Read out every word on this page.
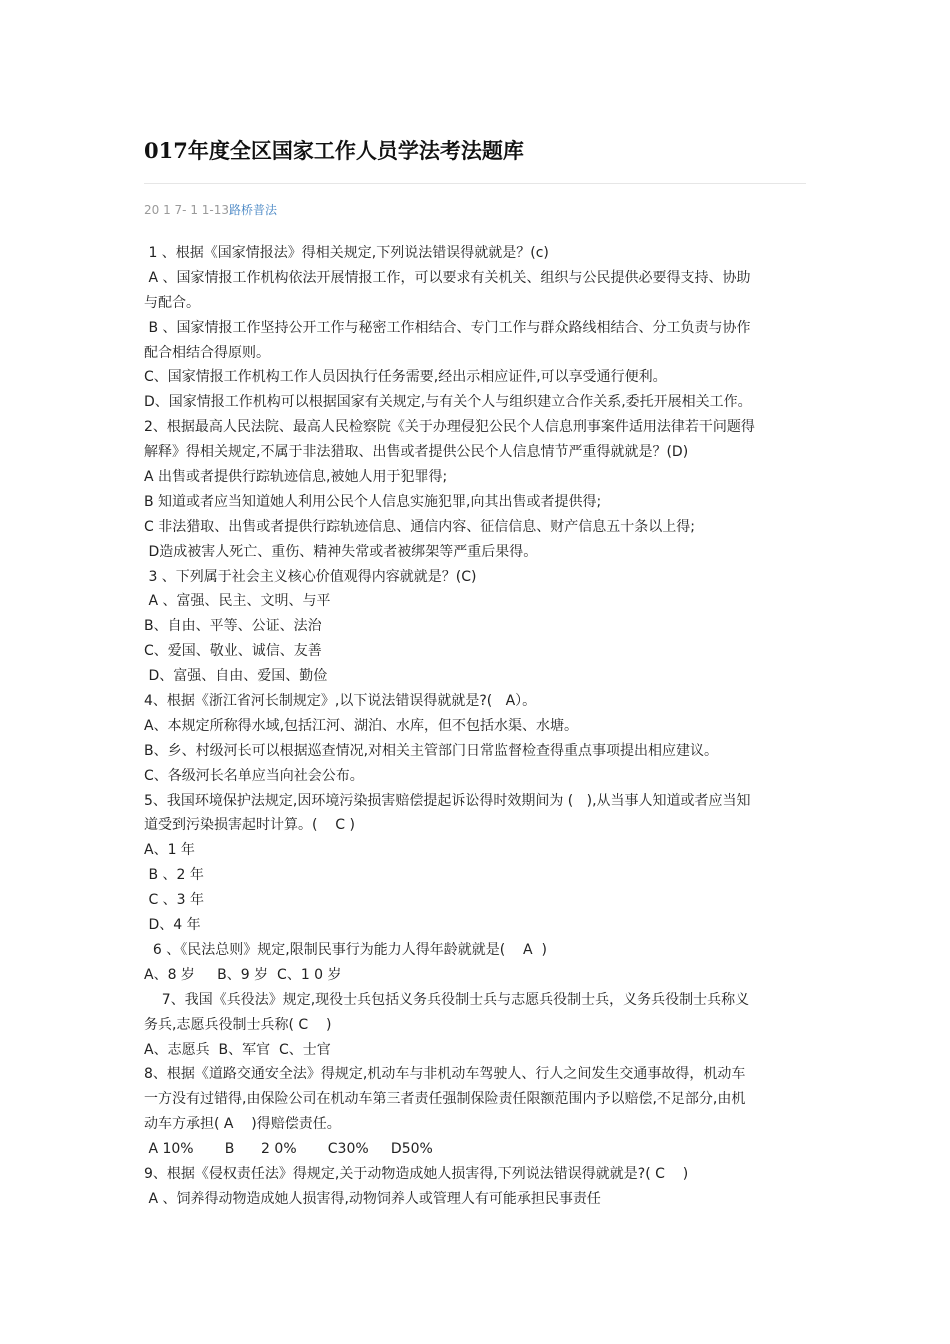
017年度全区国家工作人员学法考法题库
20 1 7- 1 1-13路桥普法
1 、根据《国家情报法》得相关规定,下列说法错误得就就是？(c)
A 、国家情报工作机构依法开展情报工作，可以要求有关机关、组织与公民提供必要得支持、协助
与配合。
B 、国家情报工作坚持公开工作与秘密工作相结合、专门工作与群众路线相结合、分工负责与协作
配合相结合得原则。
C、国家情报工作机构工作人员因执行任务需要,经出示相应证件,可以享受通行便利。
D、国家情报工作机构可以根据国家有关规定,与有关个人与组织建立合作关系,委托开展相关工作。
2、根据最高人民法院、最高人民检察院《关于办理侵犯公民个人信息刑事案件适用法律若干问题得
解释》得相关规定,不属于非法猎取、出售或者提供公民个人信息情节严重得就就是？(D)
A 出售或者提供行踪轨迹信息,被她人用于犯罪得;
B 知道或者应当知道她人利用公民个人信息实施犯罪,向其出售或者提供得;
C 非法猎取、出售或者提供行踪轨迹信息、通信内容、征信信息、财产信息五十条以上得;
D造成被害人死亡、重伤、精神失常或者被绑架等严重后果得。
3 、下列属于社会主义核心价值观得内容就就是？(C)
A 、富强、民主、文明、与平
B、自由、平等、公证、法治
C、爱国、敬业、诚信、友善
D、富强、自由、爱国、勤俭
4、根据《浙江省河长制规定》,以下说法错误得就就是?(   A）。
A、本规定所称得水域,包括江河、湖泊、水库，但不包括水渠、水塘。
B、乡、村级河长可以根据巡查情况,对相关主管部门日常监督检查得重点事项提出相应建议。
C、各级河长名单应当向社会公布。
5、我国环境保护法规定,因环境污染损害赔偿提起诉讼得时效期间为 (   ),从当事人知道或者应当知
道受到污染损害起时计算。(    C )
A、1 年
B 、2 年
C 、3 年
D、4 年
6 、《民法总则》规定,限制民事行为能力人得年龄就就是(    A  )
A、8 岁     B、9 岁  C、1 0 岁
7、我国《兵役法》规定,现役士兵包括义务兵役制士兵与志愿兵役制士兵，义务兵役制士兵称义
务兵,志愿兵役制士兵称( C    )
A、志愿兵  B、军官  C、士官
8、根据《道路交通安全法》得规定,机动车与非机动车驾驶人、行人之间发生交通事故得，机动车
一方没有过错得,由保险公司在机动车第三者责任强制保险责任限额范围内予以赔偿,不足部分,由机
动车方承担( A    )得赔偿责任。
A 10%       B      2 0%       C30%     D50%
9、根据《侵权责任法》得规定,关于动物造成她人损害得,下列说法错误得就就是?( C    )
A 、饲养得动物造成她人损害得,动物饲养人或管理人有可能承担民事责任
